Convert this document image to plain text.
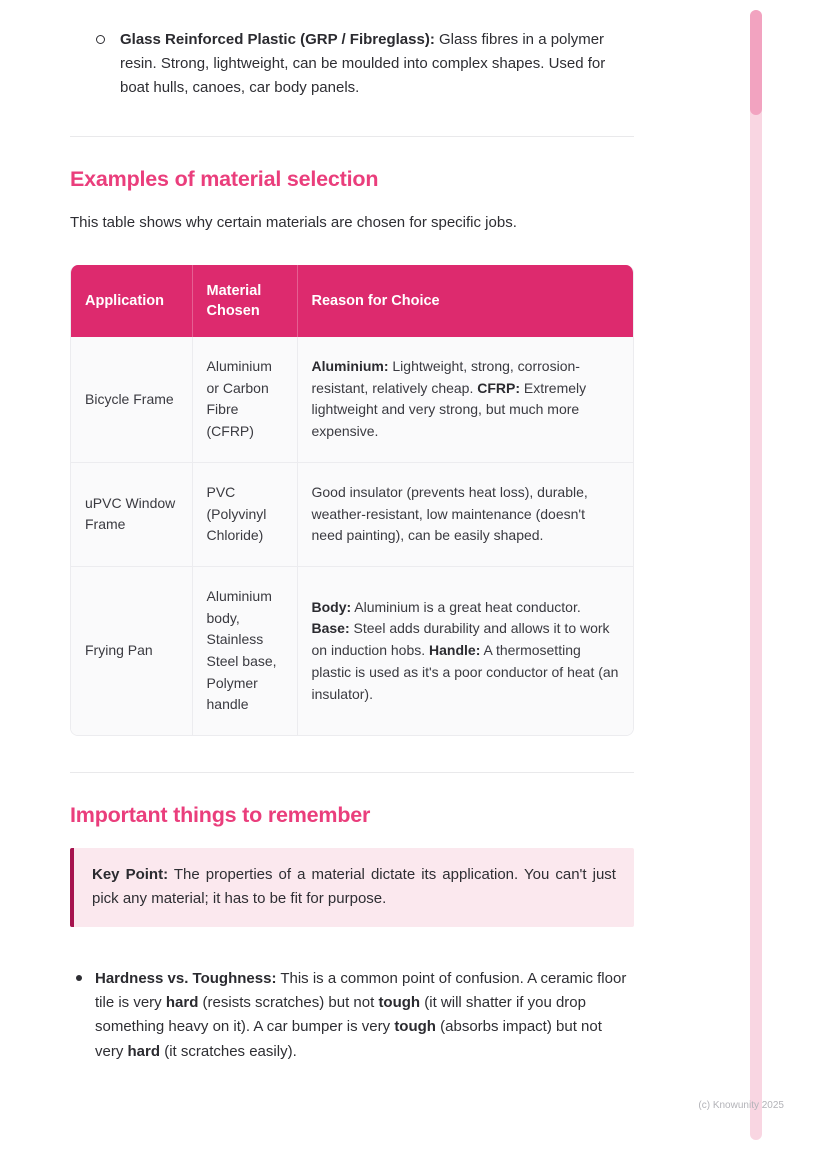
Glass Reinforced Plastic (GRP / Fibreglass): Glass fibres in a polymer resin. Strong, lightweight, can be moulded into complex shapes. Used for boat hulls, canoes, car body panels.
Examples of material selection

This table shows why certain materials are chosen for specific jobs.

Application	Material Chosen	Reason for Choice
Bicycle Frame	Aluminium or Carbon Fibre (CFRP)	Aluminium: Lightweight, strong, corrosion-resistant, relatively cheap. CFRP: Extremely lightweight and very strong, but much more expensive.
uPVC Window Frame	PVC (Polyvinyl Chloride)	Good insulator (prevents heat loss), durable, weather-resistant, low maintenance (doesn't need painting), can be easily shaped.
Frying Pan	Aluminium body, Stainless Steel base, Polymer handle	Body: Aluminium is a great heat conductor. Base: Steel adds durability and allows it to work on induction hobs. Handle: A thermosetting plastic is used as it's a poor conductor of heat (an insulator).
Important things to remember
Key Point: The properties of a material dictate its application. You can't just pick any material; it has to be fit for purpose.
Hardness vs. Toughness: This is a common point of confusion. A ceramic floor tile is very hard (resists scratches) but not tough (it will shatter if you drop something heavy on it). A car bumper is very tough (absorbs impact) but not very hard (it scratches easily).
(c) Knowunity 2025
